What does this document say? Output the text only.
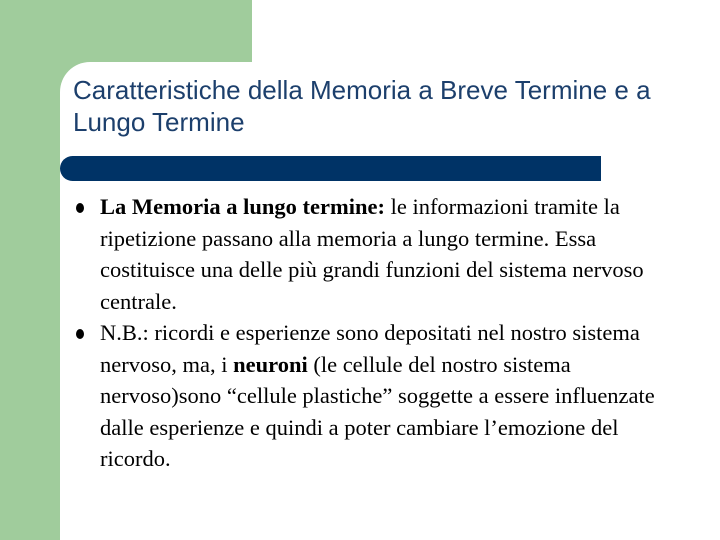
Caratteristiche della Memoria a Breve Termine e a Lungo Termine
La Memoria a lungo termine: le informazioni tramite la ripetizione passano alla memoria a lungo termine. Essa costituisce una delle più grandi funzioni del sistema nervoso centrale.
N.B.: ricordi e esperienze sono depositati nel nostro sistema nervoso, ma, i neuroni (le cellule del nostro sistema nervoso)sono “cellule plastiche” soggette a essere influenzate dalle esperienze e quindi a poter cambiare l’emozione del ricordo.
